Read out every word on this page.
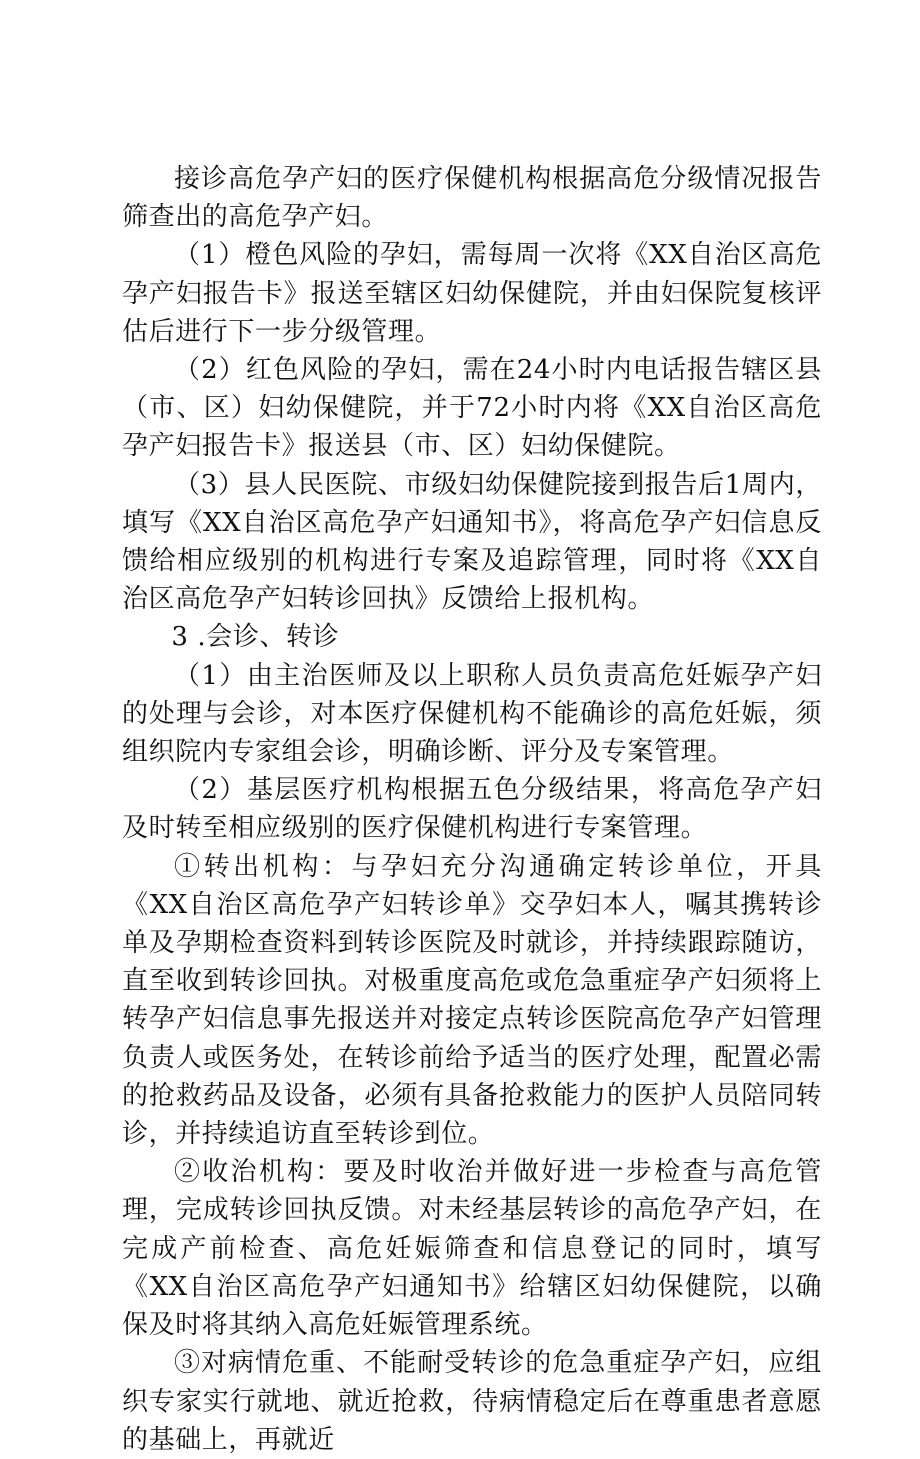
接诊高危孕产妇的医疗保健机构根据高危分级情况报告筛查出的高危孕产妇。

（1）橙色风险的孕妇，需每周一次将《XX自治区高危孕产妇报告卡》报送至辖区妇幼保健院，并由妇保院复核评估后进行下一步分级管理。

（2）红色风险的孕妇，需在24小时内电话报告辖区县（市、区）妇幼保健院，并于72小时内将《XX自治区高危孕产妇报告卡》报送县（市、区）妇幼保健院。

（3）县人民医院、市级妇幼保健院接到报告后1周内，填写《XX自治区高危孕产妇通知书》，将高危孕产妇信息反馈给相应级别的机构进行专案及追踪管理，同时将《XX自治区高危孕产妇转诊回执》反馈给上报机构。

3 .会诊、转诊

（1）由主治医师及以上职称人员负责高危妊娠孕产妇的处理与会诊，对本医疗保健机构不能确诊的高危妊娠，须组织院内专家组会诊，明确诊断、评分及专案管理。

（2）基层医疗机构根据五色分级结果，将高危孕产妇及时转至相应级别的医疗保健机构进行专案管理。

①转出机构：与孕妇充分沟通确定转诊单位，开具《XX自治区高危孕产妇转诊单》交孕妇本人，嘱其携转诊单及孕期检查资料到转诊医院及时就诊，并持续跟踪随访，直至收到转诊回执。对极重度高危或危急重症孕产妇须将上转孕产妇信息事先报送并对接定点转诊医院高危孕产妇管理负责人或医务处，在转诊前给予适当的医疗处理，配置必需的抢救药品及设备，必须有具备抢救能力的医护人员陪同转诊，并持续追访直至转诊到位。

②收治机构：要及时收治并做好进一步检查与高危管理，完成转诊回执反馈。对未经基层转诊的高危孕产妇，在完成产前检查、高危妊娠筛查和信息登记的同时，填写《XX自治区高危孕产妇通知书》给辖区妇幼保健院，以确保及时将其纳入高危妊娠管理系统。

③对病情危重、不能耐受转诊的危急重症孕产妇，应组织专家实行就地、就近抢救，待病情稳定后在尊重患者意愿的基础上，再就近
